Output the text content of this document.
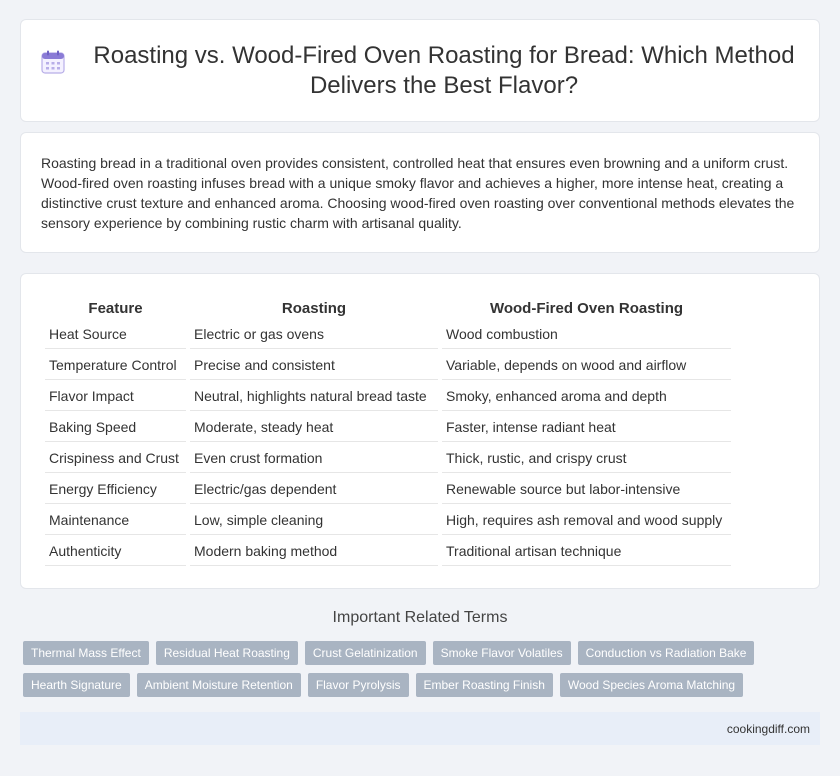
Roasting vs. Wood-Fired Oven Roasting for Bread: Which Method Delivers the Best Flavor?

Roasting bread in a traditional oven provides consistent, controlled heat that ensures even browning and a uniform crust. Wood-fired oven roasting infuses bread with a unique smoky flavor and achieves a higher, more intense heat, creating a distinctive crust texture and enhanced aroma. Choosing wood-fired oven roasting over conventional methods elevates the sensory experience by combining rustic charm with artisanal quality.

Feature	Roasting	Wood-Fired Oven Roasting
Heat Source	Electric or gas ovens	Wood combustion
Temperature Control	Precise and consistent	Variable, depends on wood and airflow
Flavor Impact	Neutral, highlights natural bread taste	Smoky, enhanced aroma and depth
Baking Speed	Moderate, steady heat	Faster, intense radiant heat
Crispiness and Crust	Even crust formation	Thick, rustic, and crispy crust
Energy Efficiency	Electric/gas dependent	Renewable source but labor-intensive
Maintenance	Low, simple cleaning	High, requires ash removal and wood supply
Authenticity	Modern baking method	Traditional artisan technique
Important Related Terms
Thermal Mass Effect	Residual Heat Roasting	Crust Gelatinization	Smoke Flavor Volatiles	Conduction vs Radiation Bake
Hearth Signature	Ambient Moisture Retention	Flavor Pyrolysis	Ember Roasting Finish	Wood Species Aroma Matching
cookingdiff.com
